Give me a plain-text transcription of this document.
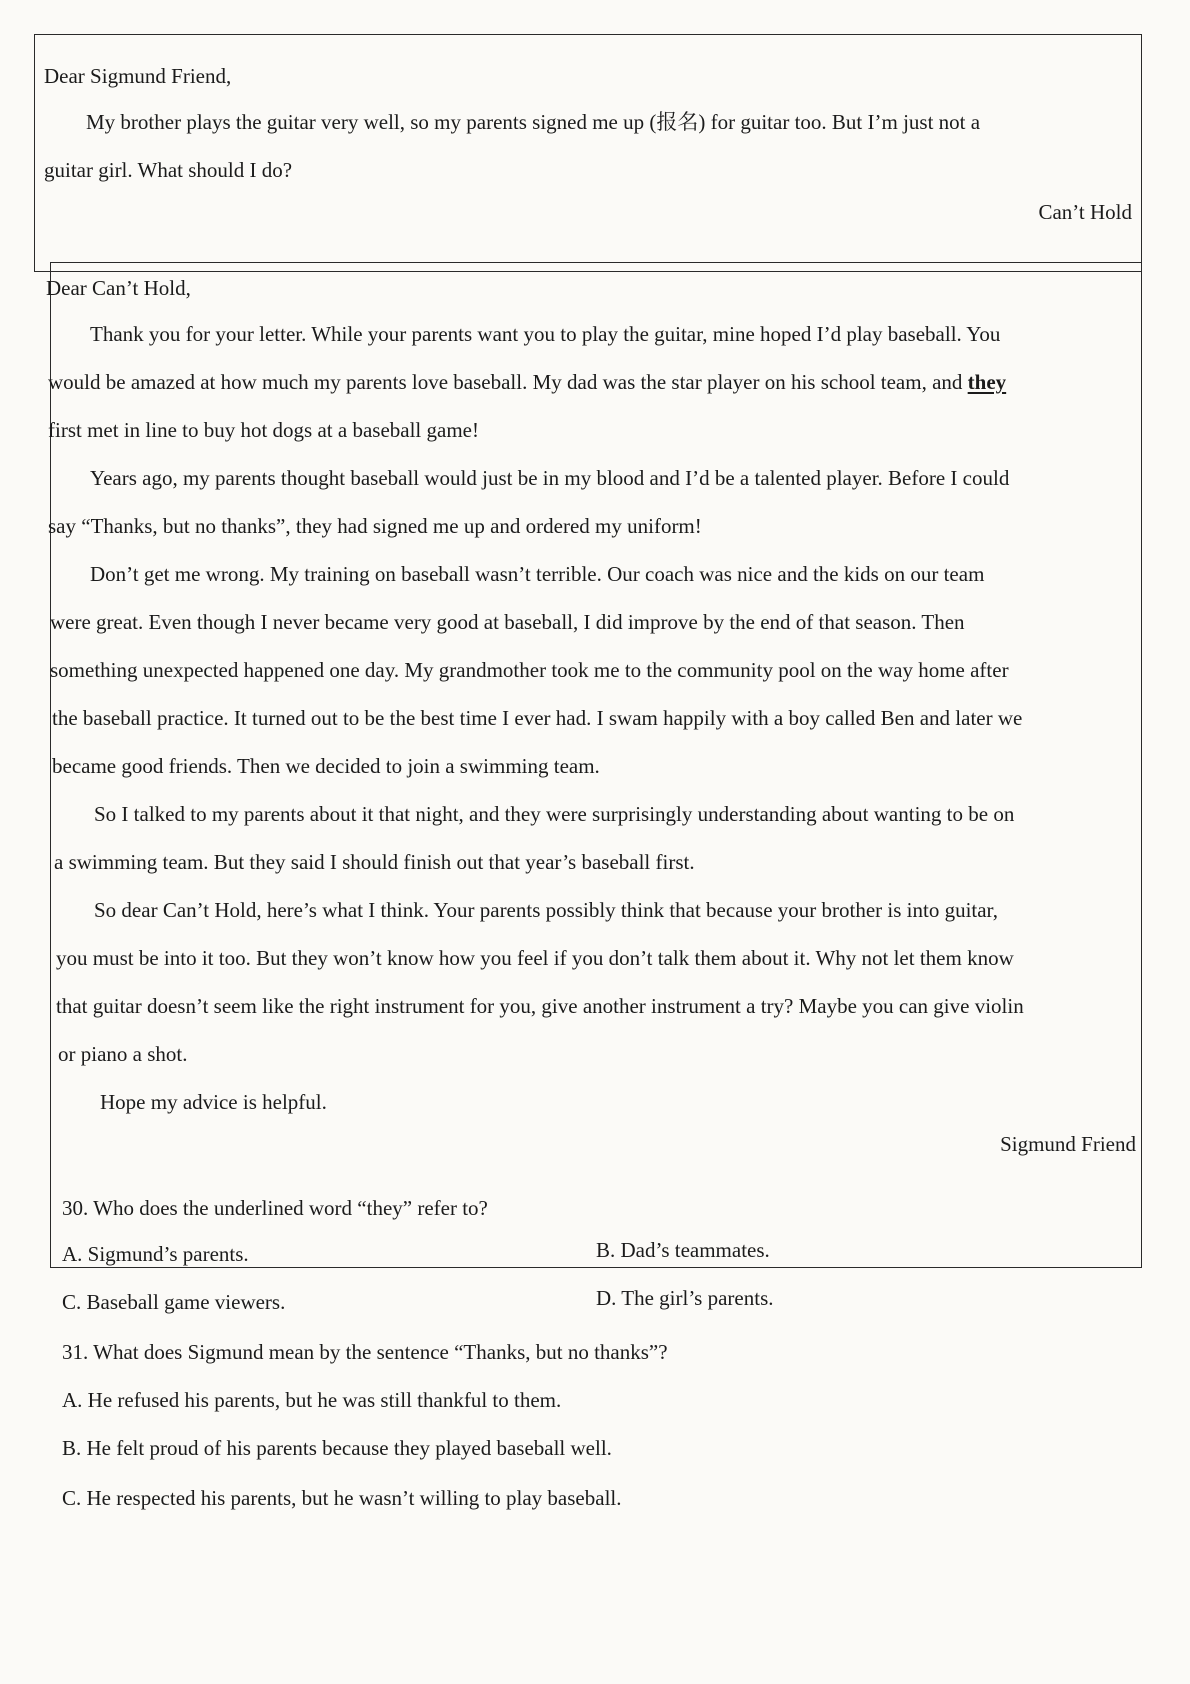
Dear Sigmund Friend,
My brother plays the guitar very well, so my parents signed me up (报名) for guitar too. But I’m just not a
guitar girl. What should I do?
Can’t Hold
Dear Can’t Hold,
Thank you for your letter. While your parents want you to play the guitar, mine hoped I’d play baseball. You
would be amazed at how much my parents love baseball. My dad was the star player on his school team, and they
first met in line to buy hot dogs at a baseball game!
Years ago, my parents thought baseball would just be in my blood and I’d be a talented player. Before I could
say “Thanks, but no thanks”, they had signed me up and ordered my uniform!
Don’t get me wrong. My training on baseball wasn’t terrible. Our coach was nice and the kids on our team
were great. Even though I never became very good at baseball, I did improve by the end of that season. Then
something unexpected happened one day. My grandmother took me to the community pool on the way home after
the baseball practice. It turned out to be the best time I ever had. I swam happily with a boy called Ben and later we
became good friends. Then we decided to join a swimming team.
So I talked to my parents about it that night, and they were surprisingly understanding about wanting to be on
a swimming team. But they said I should finish out that year’s baseball first.
So dear Can’t Hold, here’s what I think. Your parents possibly think that because your brother is into guitar,
you must be into it too. But they won’t know how you feel if you don’t talk them about it. Why not let them know
that guitar doesn’t seem like the right instrument for you, give another instrument a try? Maybe you can give violin
or piano a shot.
Hope my advice is helpful.
Sigmund Friend
30. Who does the underlined word “they” refer to?
A. Sigmund’s parents.	B. Dad’s teammates.
C. Baseball game viewers.	D. The girl’s parents.
31. What does Sigmund mean by the sentence “Thanks, but no thanks”?
A. He refused his parents, but he was still thankful to them.
B. He felt proud of his parents because they played baseball well.
C. He respected his parents, but he wasn’t willing to play baseball.
